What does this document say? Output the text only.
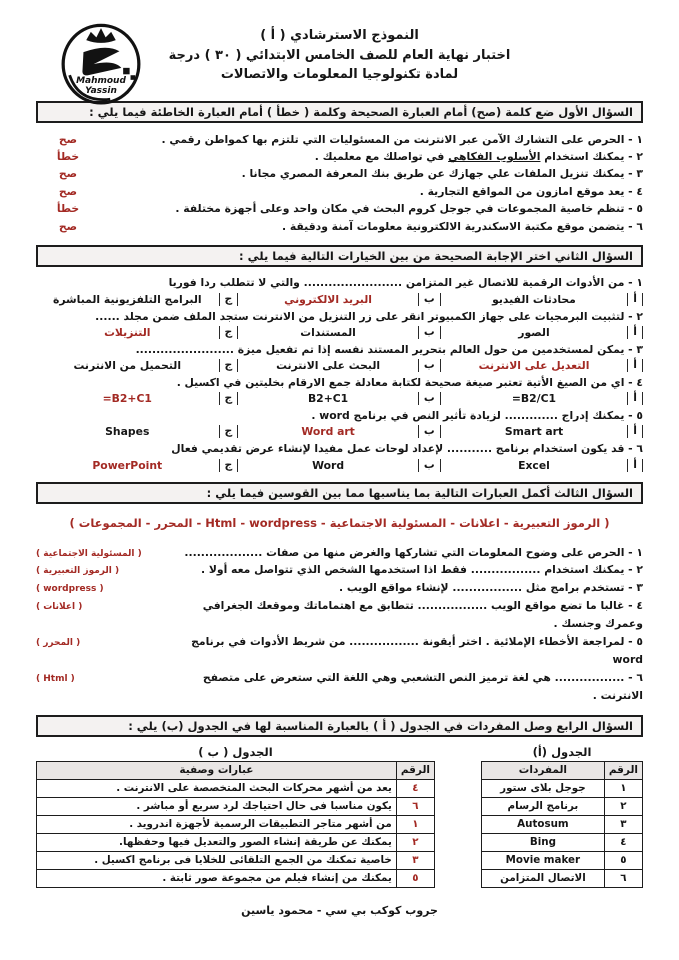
Mahmoud
Yassin
النموذج الاسترشادي ( أ )
اختبار نهاية العام للصف الخامس الابتدائي ( ٣٠ ) درجة
لمادة تكنولوجيا المعلومات والاتصالات
السؤال الأول ضع كلمة (صح) أمام العبارة الصحيحة وكلمة ( خطأ ) أمام العبارة الخاطئة فيما يلي :
١ - الحرص على التشارك الآمن عبر الانترنت من المسئوليات التي تلتزم بها كمواطن رقمي .
صح
٢ - يمكنك استخدام الأسلوب الفكاهي في تواصلك مع معلميك .
خطأ
٣ - يمكنك تنزيل الملفات علي جهازك عن طريق بنك المعرفة المصري مجانا .
صح
٤ - يعد موقع امازون من المواقع التجارية .
صح
٥ - تنظم خاصية المجموعات في جوجل كروم البحث في مكان واحد وعلى أجهزة مختلفة .
خطأ
٦ - يتضمن موقع مكتبة الاسكندرية الالكترونية معلومات آمنة ودقيقة .
صح
السؤال الثاني اختر الإجابة الصحيحة من بين الخيارات التالية فيما يلي :
١ - من الأدوات الرقمية للاتصال غير المتزامن ........................ والتي لا تتطلب ردا فوريا
أ
محادثات الفيديو
ب
البريد الالكتروني
ج
البرامج التلفزيونية المباشرة
٢ - لتثبيت البرمجيات على جهاز الكمبيوتر انقر على زر التنزيل من الانترنت ستجد الملف ضمن مجلد ......
أ
الصور
ب
المستندات
ج
التنزيلات
٣ - يمكن لمستخدمين من حول العالم بتحرير المستند نفسه إذا تم تفعيل ميزة ........................
أ
التعديل على الانترنت
ب
البحث على الانترنت
ج
التحميل من الانترنت
٤ - اي من الصيغ الأتية تعتبر صيغة صحيحة لكتابة معادلة جمع الارقام بخليتين في اكسيل .
أ
=B2/C1
ب
B2+C1
ج
=B2+C1
٥ - يمكنك إدراج ............. لزيادة تأثير النص في برنامج word .
أ
Smart art
ب
Word art
ج
Shapes
٦ - قد يكون استخدام برنامج ........... لإعداد لوحات عمل مفيدا لإنشاء عرض تقديمي فعال
أ
Excel
ب
Word
ج
PowerPoint
السؤال الثالث أكمل العبارات التالية بما يناسبها مما بين القوسين فيما يلي :
( الرموز التعبيرية - اعلانات - المسئولية الاجتماعية - Html - wordpress - المحرر - المجموعات )
١ - الحرص على وضوح المعلومات التي تشاركها والغرض منها من صفات ...................
( المسئولية الاجتماعية )
٢ - يمكنك استخدام ................. فقط اذا استخدمها الشخص الذي تتواصل معه أولا .
( الرموز التعبيرية )
٣ - تستخدم برامج مثل ................. لإنشاء مواقع الويب .
( wordpress )
٤ - غالبا ما تضع مواقع الويب ................. تتطابق مع اهتماماتك وموقعك الجغرافي وعمرك وجنسك .
( اعلانات )
٥ - لمراجعة الأخطاء الإملائية . اختر أيقونة ................. من شريط الأدوات في برنامج word
( المحرر )
٦ - ................. هي لغة ترميز النص التشعبي وهي اللغة التي ستعرض على متصفح الانترنت .
( Html )
السؤال الرابع وصل المفردات في الجدول ( أ ) بالعبارة المناسبة لها في الجدول (ب) يلي :
الجدول (أ)
الرقم	المفردات
١	جوجل بلاى ستور
٢	برنامج الرسام
٣	Autosum
٤	Bing
٥	Movie maker
٦	الاتصال المتزامن
الجدول ( ب )
الرقم	عبارات وصفية
٤	يعد من أشهر محركات البحث المتخصصة على الانترنت .
٦	يكون مناسبا فى حال احتياجك لرد سريع أو مباشر .
١	من أشهر متاجر التطبيقات الرسمية لأجهزة اندرويد .
٢	يمكنك عن طريقة إنشاء الصور والتعديل فيها وحفظها.
٣	خاصية تمكنك من الجمع التلقائى للخلايا فى برنامج اكسيل .
٥	يمكنك من إنشاء فيلم من مجموعة صور ثابتة .
جروب كوكب بي سي - محمود ياسين
